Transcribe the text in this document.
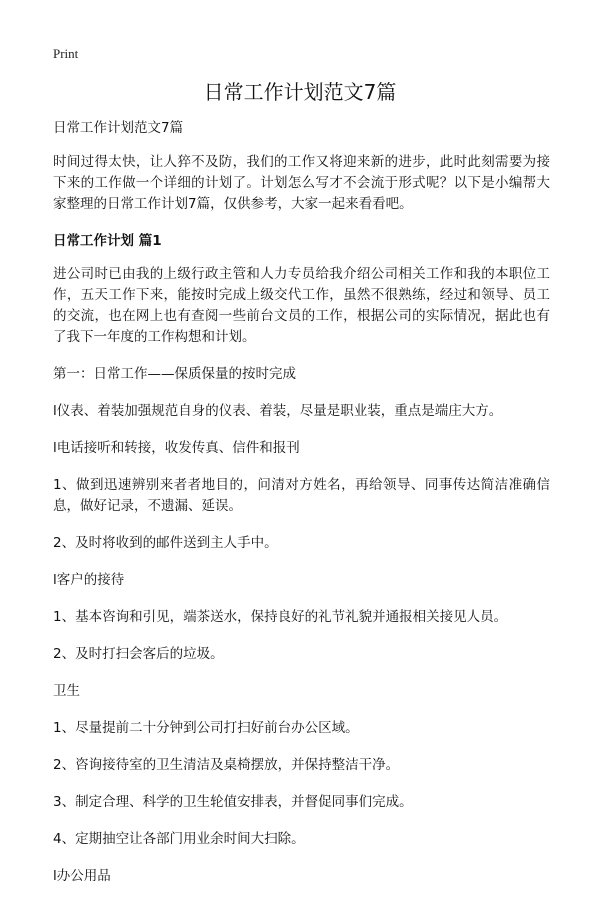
Print
日常工作计划范文7篇

日常工作计划范文7篇

时间过得太快，让人猝不及防，我们的工作又将迎来新的进步，此时此刻需要为接下来的工作做一个详细的计划了。计划怎么写才不会流于形式呢？以下是小编帮大家整理的日常工作计划7篇，仅供参考，大家一起来看看吧。

日常工作计划 篇1

进公司时已由我的上级行政主管和人力专员给我介绍公司相关工作和我的本职位工作，五天工作下来，能按时完成上级交代工作，虽然不很熟练，经过和领导、员工的交流，也在网上也有查阅一些前台文员的工作，根据公司的实际情况，据此也有了我下一年度的工作构想和计划。

第一：日常工作——保质保量的按时完成

l仪表、着装加强规范自身的仪表、着装，尽量是职业装，重点是端庄大方。

l电话接听和转接，收发传真、信件和报刊

1、做到迅速辨别来者者地目的，问清对方姓名，再给领导、同事传达简洁准确信息，做好记录，不遗漏、延误。

2、及时将收到的邮件送到主人手中。

l客户的接待

1、基本咨询和引见，端茶送水，保持良好的礼节礼貌并通报相关接见人员。

2、及时打扫会客后的垃圾。

卫生

1、尽量提前二十分钟到公司打扫好前台办公区域。

2、咨询接待室的卫生清洁及桌椅摆放，并保持整洁干净。

3、制定合理、科学的卫生轮值安排表，并督促同事们完成。

4、定期抽空让各部门用业余时间大扫除。

l办公用品
